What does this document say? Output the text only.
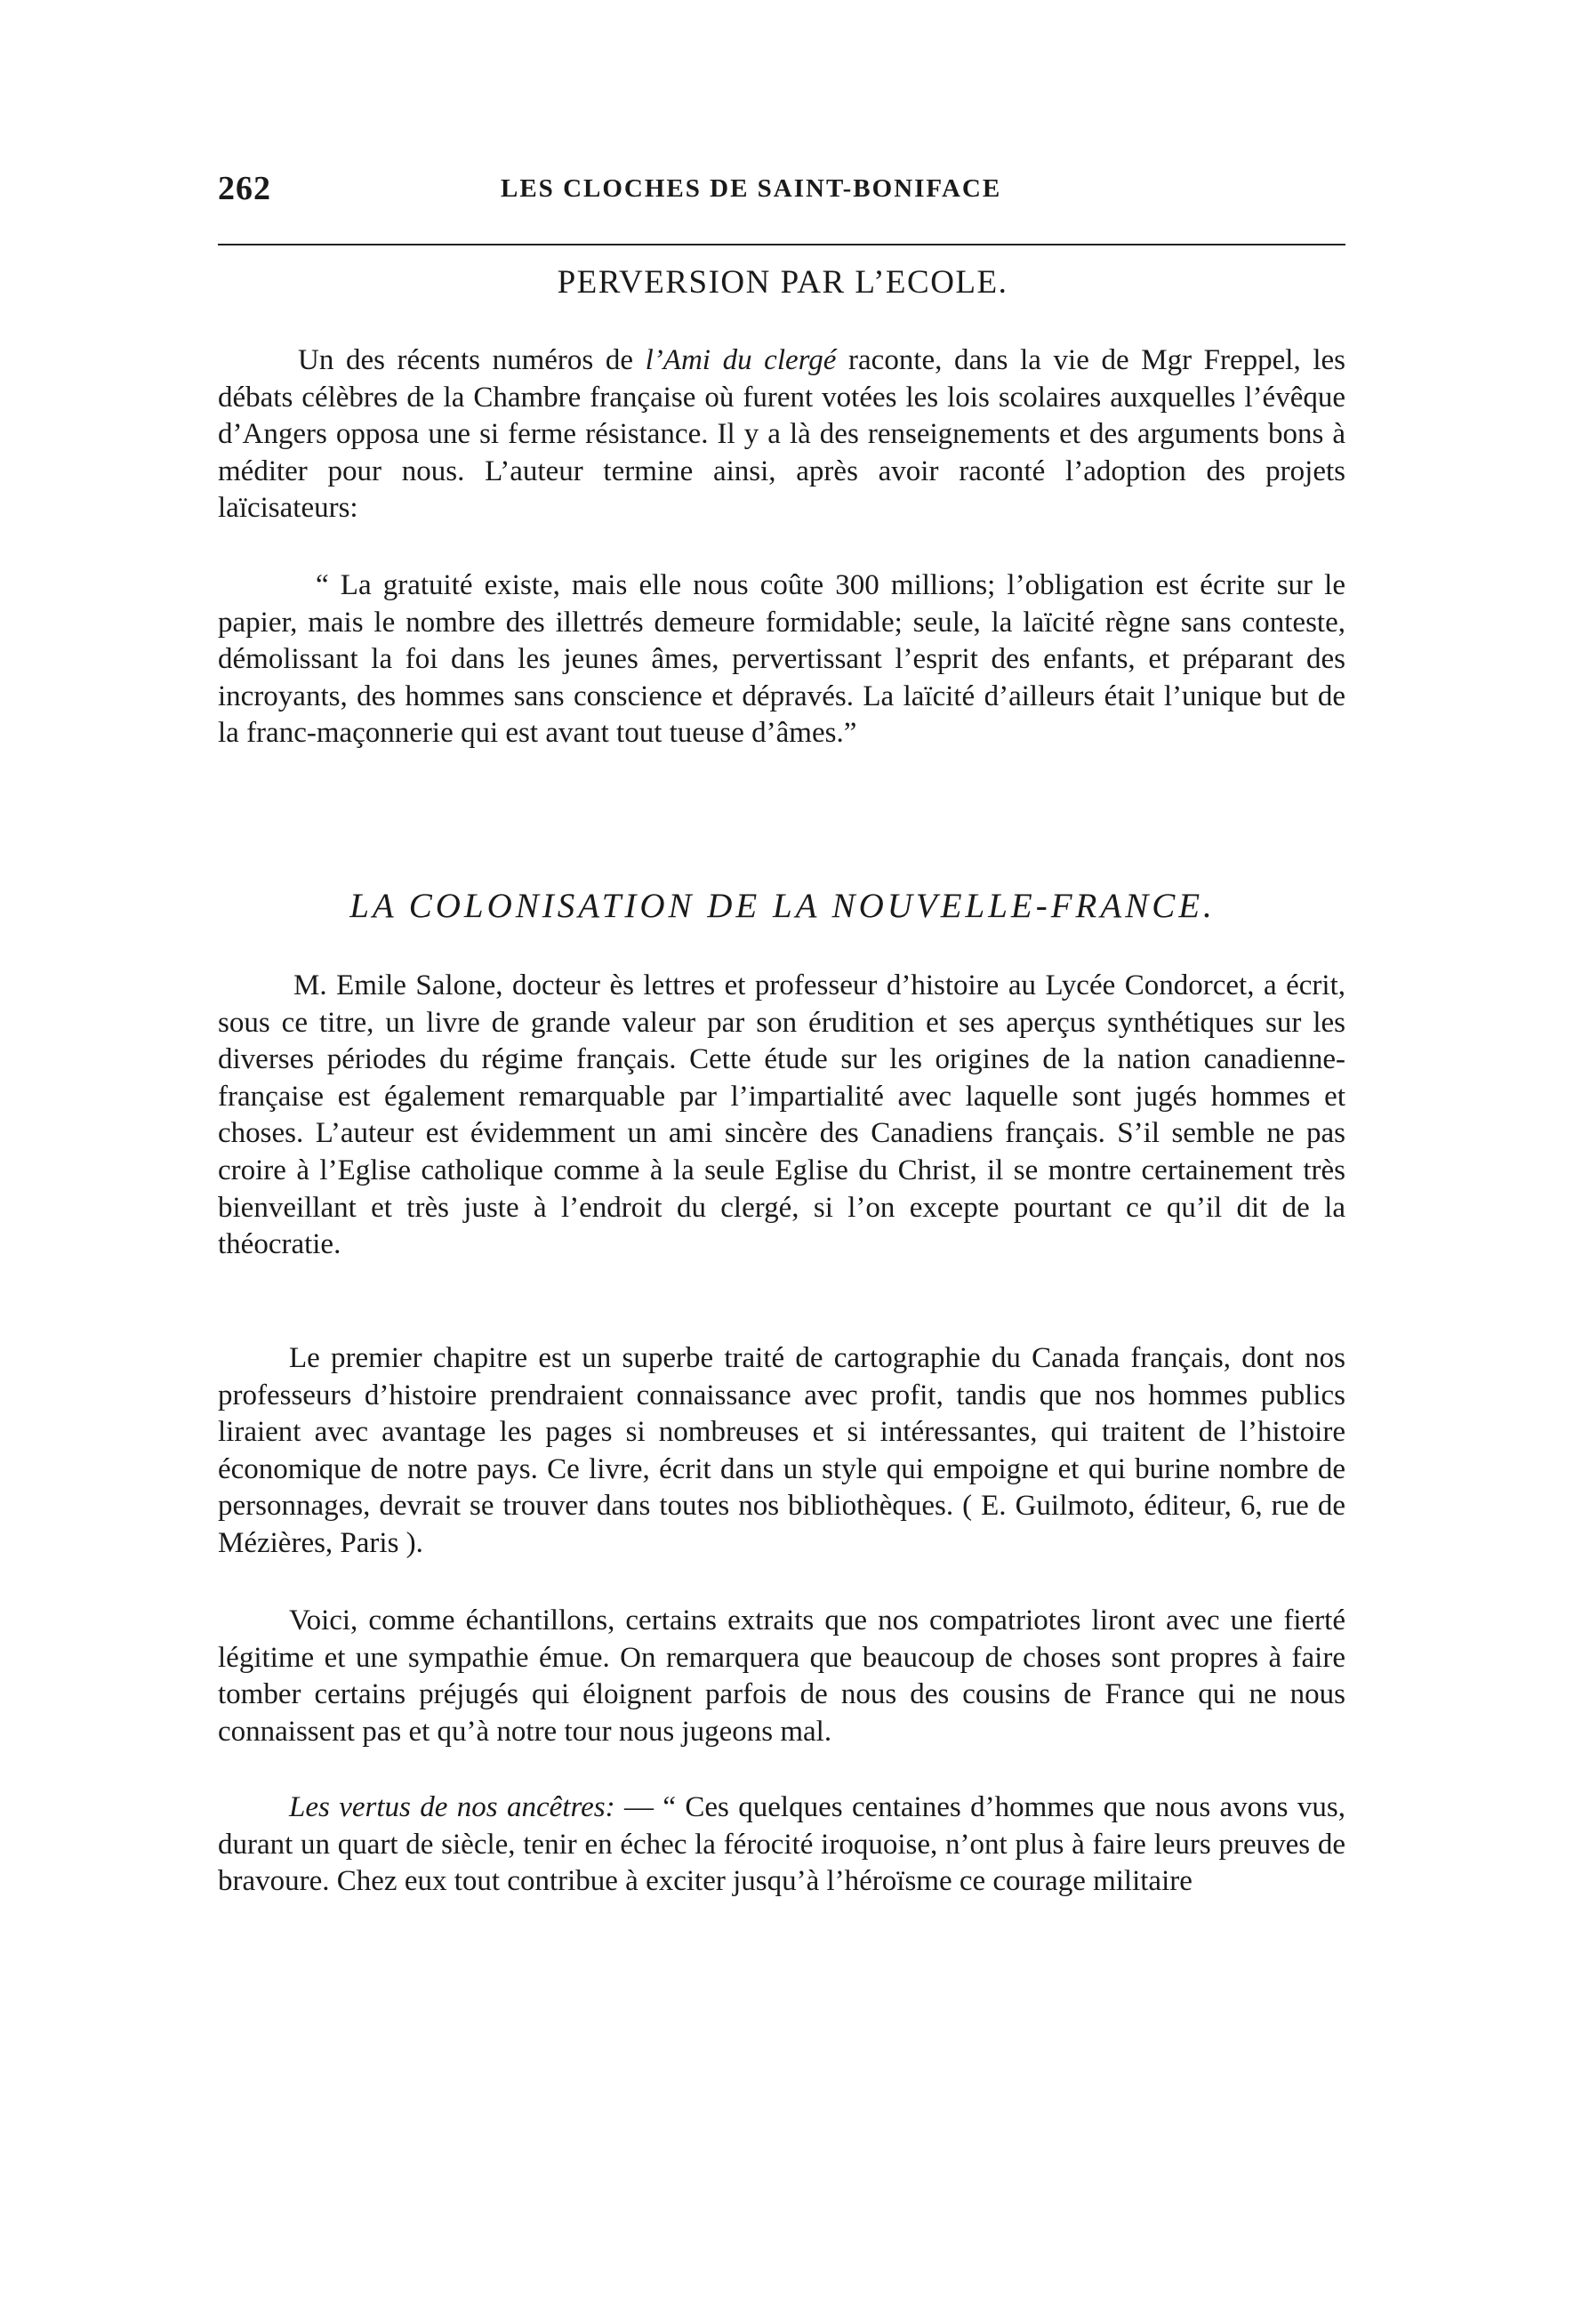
262	LES CLOCHES DE SAINT-BONIFACE
PERVERSION PAR L’ECOLE.

Un des récents numéros de l’Ami du clergé raconte, dans la vie de Mgr Freppel, les débats célèbres de la Chambre française où furent votées les lois scolaires auxquelles l’évêque d’Angers opposa une si ferme résistance. Il y a là des renseignements et des arguments bons à méditer pour nous. L’auteur termine ainsi, après avoir raconté l’adoption des projets laïcisateurs:

“ La gratuité existe, mais elle nous coûte 300 millions; l’obligation est écrite sur le papier, mais le nombre des illettrés demeure formidable; seule, la laïcité règne sans conteste, démolissant la foi dans les jeunes âmes, pervertissant l’esprit des enfants, et préparant des incroyants, des hommes sans conscience et dépravés. La laïcité d’ailleurs était l’unique but de la franc-maçonnerie qui est avant tout tueuse d’âmes.”

LA COLONISATION DE LA NOUVELLE-FRANCE.

M. Emile Salone, docteur ès lettres et professeur d’histoire au Lycée Condorcet, a écrit, sous ce titre, un livre de grande valeur par son érudition et ses aperçus synthétiques sur les diverses périodes du régime français. Cette étude sur les origines de la nation canadienne-française est également remarquable par l’impartialité avec laquelle sont jugés hommes et choses. L’auteur est évidemment un ami sincère des Canadiens français. S’il semble ne pas croire à l’Eglise catholique comme à la seule Eglise du Christ, il se montre certainement très bienveillant et très juste à l’endroit du clergé, si l’on excepte pourtant ce qu’il dit de la théocratie.

Le premier chapitre est un superbe traité de cartographie du Canada français, dont nos professeurs d’histoire prendraient connaissance avec profit, tandis que nos hommes publics liraient avec avantage les pages si nombreuses et si intéressantes, qui traitent de l’histoire économique de notre pays. Ce livre, écrit dans un style qui empoigne et qui burine nombre de personnages, devrait se trouver dans toutes nos bibliothèques. ( E. Guilmoto, éditeur, 6, rue de Mézières, Paris ).

Voici, comme échantillons, certains extraits que nos compatriotes liront avec une fierté légitime et une sympathie émue. On remarquera que beaucoup de choses sont propres à faire tomber certains préjugés qui éloignent parfois de nous des cousins de France qui ne nous connaissent pas et qu’à notre tour nous jugeons mal.

Les vertus de nos ancêtres: — “ Ces quelques centaines d’hommes que nous avons vus, durant un quart de siècle, tenir en échec la férocité iroquoise, n’ont plus à faire leurs preuves de bravoure. Chez eux tout contribue à exciter jusqu’à l’héroïsme ce courage militaire
